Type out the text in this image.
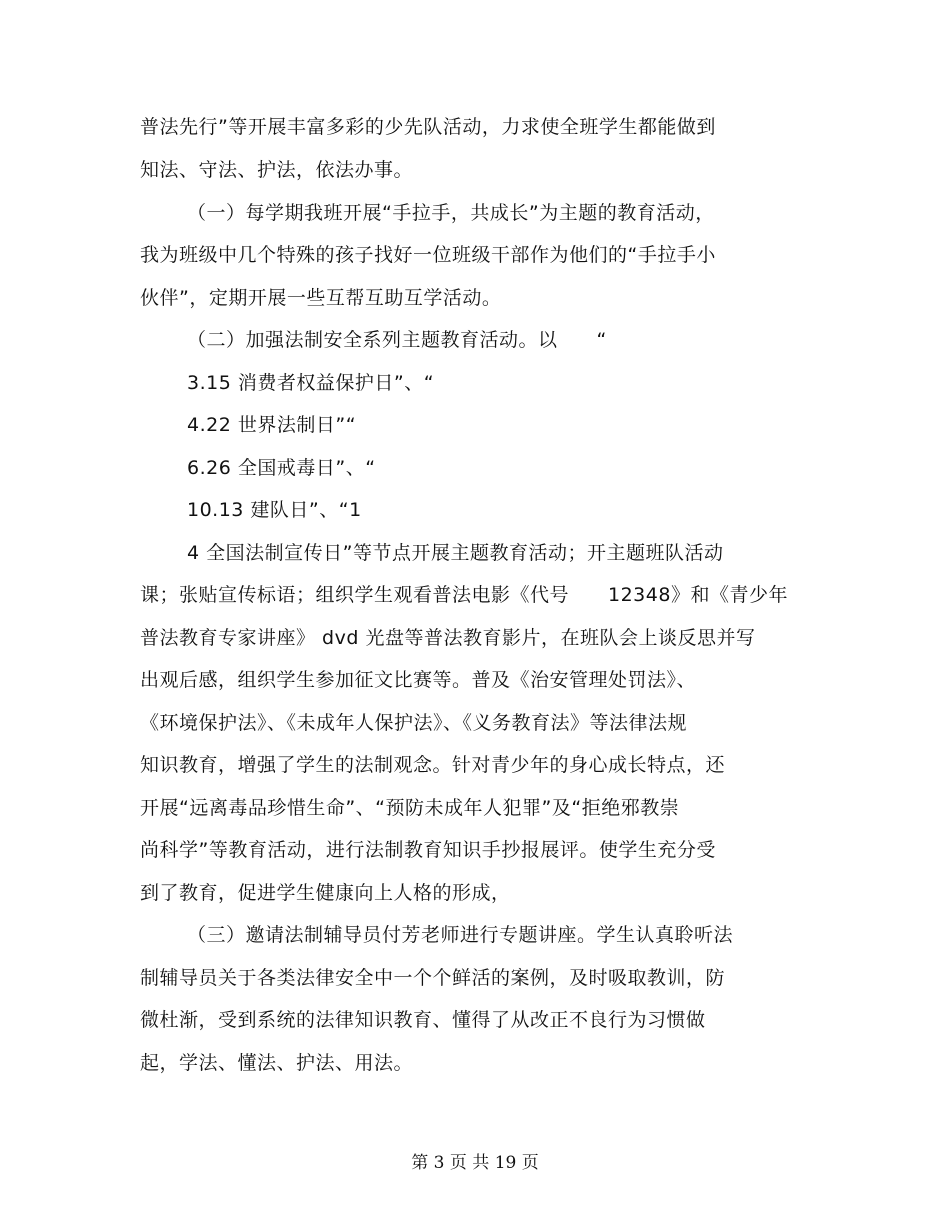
普法先行”等开展丰富多彩的少先队活动，力求使全班学生都能做到
知法、守法、护法，依法办事。
（一）每学期我班开展“手拉手，共成长”为主题的教育活动，
我为班级中几个特殊的孩子找好一位班级干部作为他们的“手拉手小
伙伴”，定期开展一些互帮互助互学活动。
（二）加强法制安全系列主题教育活动。以　　“
3.15 消费者权益保护日”、“
4.22 世界法制日”“
6.26 全国戒毒日”、“
10.13 建队日”、“1
4 全国法制宣传日”等节点开展主题教育活动；开主题班队活动
课；张贴宣传标语；组织学生观看普法电影《代号　　12348》和《青少年
普法教育专家讲座》 dvd 光盘等普法教育影片，在班队会上谈反思并写
出观后感，组织学生参加征文比赛等。普及《治安管理处罚法》、
《环境保护法》、《未成年人保护法》、《义务教育法》等法律法规
知识教育，增强了学生的法制观念。针对青少年的身心成长特点，还
开展“远离毒品珍惜生命”、“预防未成年人犯罪”及“拒绝邪教崇
尚科学”等教育活动，进行法制教育知识手抄报展评。使学生充分受
到了教育，促进学生健康向上人格的形成，
（三）邀请法制辅导员付芳老师进行专题讲座。学生认真聆听法
制辅导员关于各类法律安全中一个个鲜活的案例，及时吸取教训，防
微杜渐，受到系统的法律知识教育、懂得了从改正不良行为习惯做
起，学法、懂法、护法、用法。
第 3 页 共 19 页
